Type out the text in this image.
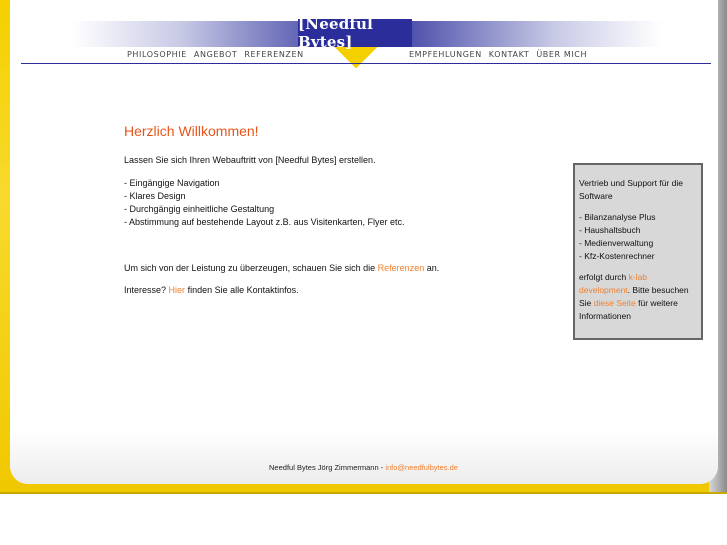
[Needful Bytes]
PHILOSOPHIE ANGEBOT REFERENZEN	EMPFEHLUNGEN KONTAKT ÜBER MICH
Herzlich Willkommen!
Lassen Sie sich Ihren Webauftritt von [Needful Bytes] erstellen.
- Eingängige Navigation
- Klares Design
- Durchgängig einheitliche Gestaltung
- Abstimmung auf bestehende Layout z.B. aus Visitenkarten, Flyer etc.
Um sich von der Leistung zu überzeugen, schauen Sie sich die Referenzen an.
Interesse? Hier finden Sie alle Kontaktinfos.

Vertrieb und Support für die Software

- Bilanzanalyse Plus
- Haushaltsbuch
- Medienverwaltung
- Kfz-Kostenrechner

erfolgt durch k-lab development. Bitte besuchen Sie diese Seite für weitere Informationen

Needful Bytes Jörg Zimmermann - info@needfulbytes.de
